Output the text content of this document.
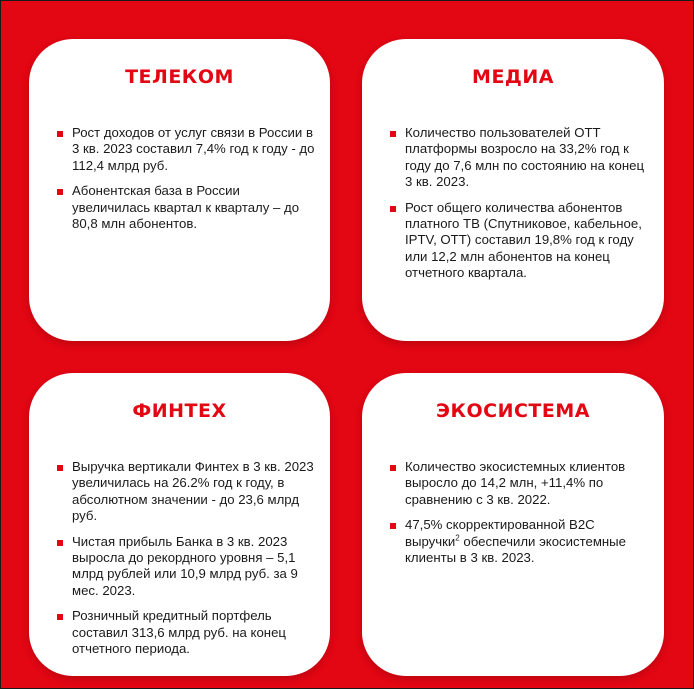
ТЕЛЕКОМ
Рост доходов от услуг связи в России в 3 кв. 2023 составил 7,4% год к году - до 112,4 млрд руб.
Абонентская база в России увеличилась квартал к кварталу – до 80,8 млн абонентов.
МЕДИА
Количество пользователей OTT платформы возросло на 33,2% год к году до 7,6 млн по состоянию на конец 3 кв. 2023.
Рост общего количества абонентов платного ТВ (Спутниковое, кабельное, IPTV, OTT) составил 19,8% год к году или 12,2 млн абонентов на конец отчетного квартала.
ФИНТЕХ
Выручка вертикали Финтех в 3 кв. 2023 увеличилась на 26.2% год к году, в абсолютном значении - до 23,6 млрд руб.
Чистая прибыль Банка в 3 кв. 2023 выросла до рекордного уровня – 5,1 млрд рублей или 10,9 млрд руб. за 9 мес. 2023.
Розничный кредитный портфель составил 313,6 млрд руб. на конец отчетного периода.
ЭКОСИСТЕМА
Количество экосистемных клиентов выросло до 14,2 млн, +11,4% по сравнению с 3 кв. 2022.
47,5% скорректированной B2C выручки$^2$ обеспечили экосистемные клиенты в 3 кв. 2023.
